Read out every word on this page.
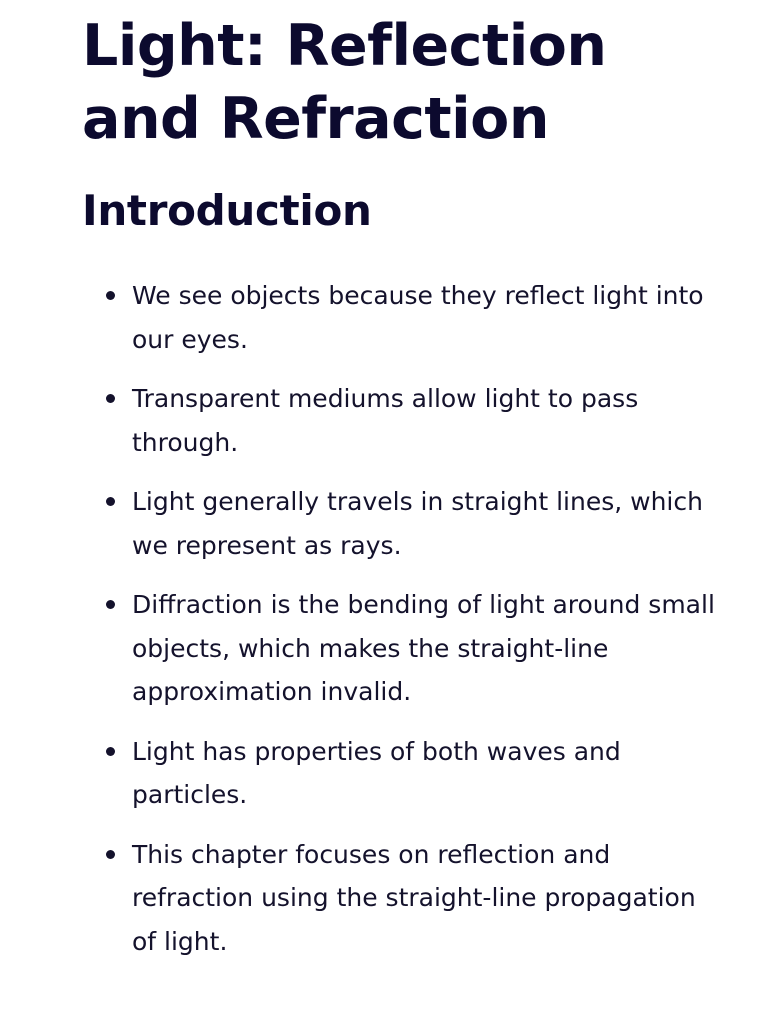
Light: Reflection and Refraction
Introduction
We see objects because they reflect light into our eyes.
Transparent mediums allow light to pass through.
Light generally travels in straight lines, which we represent as rays.
Diffraction is the bending of light around small objects, which makes the straight-line approximation invalid.
Light has properties of both waves and particles.
This chapter focuses on reflection and refraction using the straight-line propagation of light.
